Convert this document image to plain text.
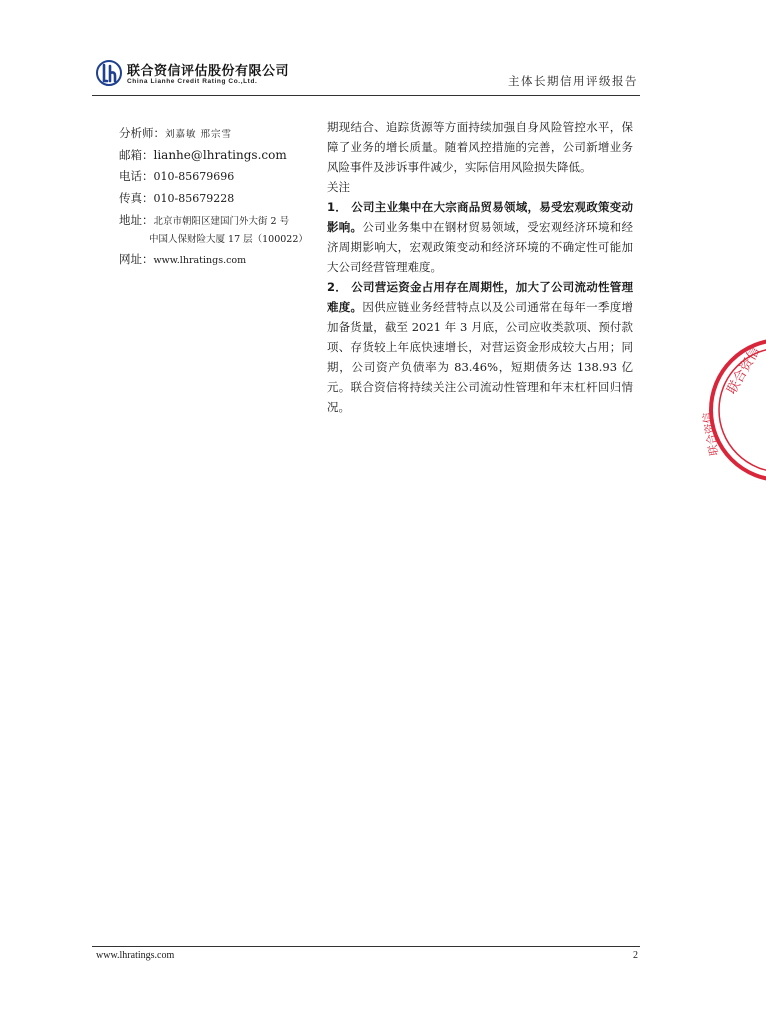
联合资信评估股份有限公司
China Lianhe Credit Rating Co.,Ltd.	主体长期信用评级报告
分析师：刘嘉敏 邢宗雪
邮箱：lianhe@lhratings.com
电话：010-85679696
传真：010-85679228
地址：北京市朝阳区建国门外大街 2 号
中国人保财险大厦 17 层（100022）
网址：www.lhratings.com

期现结合、追踪货源等方面持续加强自身风险管控水平，保障了业务的增长质量。随着风控措施的完善，公司新增业务风险事件及涉诉事件减少，实际信用风险损失降低。

关注

1． 公司主业集中在大宗商品贸易领域，易受宏观政策变动影响。公司业务集中在钢材贸易领域，受宏观经济环境和经济周期影响大，宏观政策变动和经济环境的不确定性可能加大公司经营管理难度。

2． 公司营运资金占用存在周期性，加大了公司流动性管理难度。因供应链业务经营特点以及公司通常在每年一季度增加备货量，截至 2021 年 3 月底，公司应收类款项、预付款项、存货较上年底快速增长，对营运资金形成较大占用；同期，公司资产负债率为 83.46%，短期债务达 138.93 亿元。联合资信将持续关注公司流动性管理和年末杠杆回归情况。

联合资信
联合资信
www.lhratings.com	2
